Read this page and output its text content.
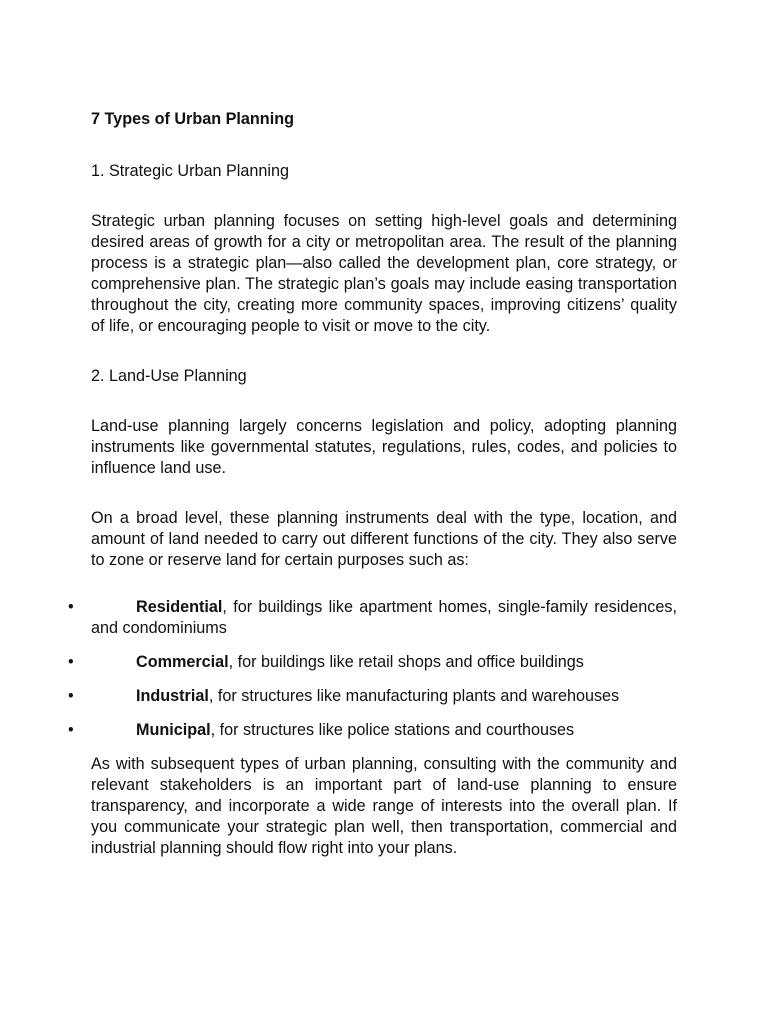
7 Types of Urban Planning
1. Strategic Urban Planning
Strategic urban planning focuses on setting high-level goals and determining desired areas of growth for a city or metropolitan area. The result of the planning process is a strategic plan—also called the development plan, core strategy, or comprehensive plan. The strategic plan’s goals may include easing transportation throughout the city, creating more community spaces, improving citizens’ quality of life, or encouraging people to visit or move to the city.
2. Land-Use Planning
Land-use planning largely concerns legislation and policy, adopting planning instruments like governmental statutes, regulations, rules, codes, and policies to influence land use.
On a broad level, these planning instruments deal with the type, location, and amount of land needed to carry out different functions of the city. They also serve to zone or reserve land for certain purposes such as:
•	Residential, for buildings like apartment homes, single-family residences, and condominiums
•	Commercial, for buildings like retail shops and office buildings
•	Industrial, for structures like manufacturing plants and warehouses
•	Municipal, for structures like police stations and courthouses
As with subsequent types of urban planning, consulting with the community and relevant stakeholders is an important part of land-use planning to ensure transparency, and incorporate a wide range of interests into the overall plan. If you communicate your strategic plan well, then transportation, commercial and industrial planning should flow right into your plans.
